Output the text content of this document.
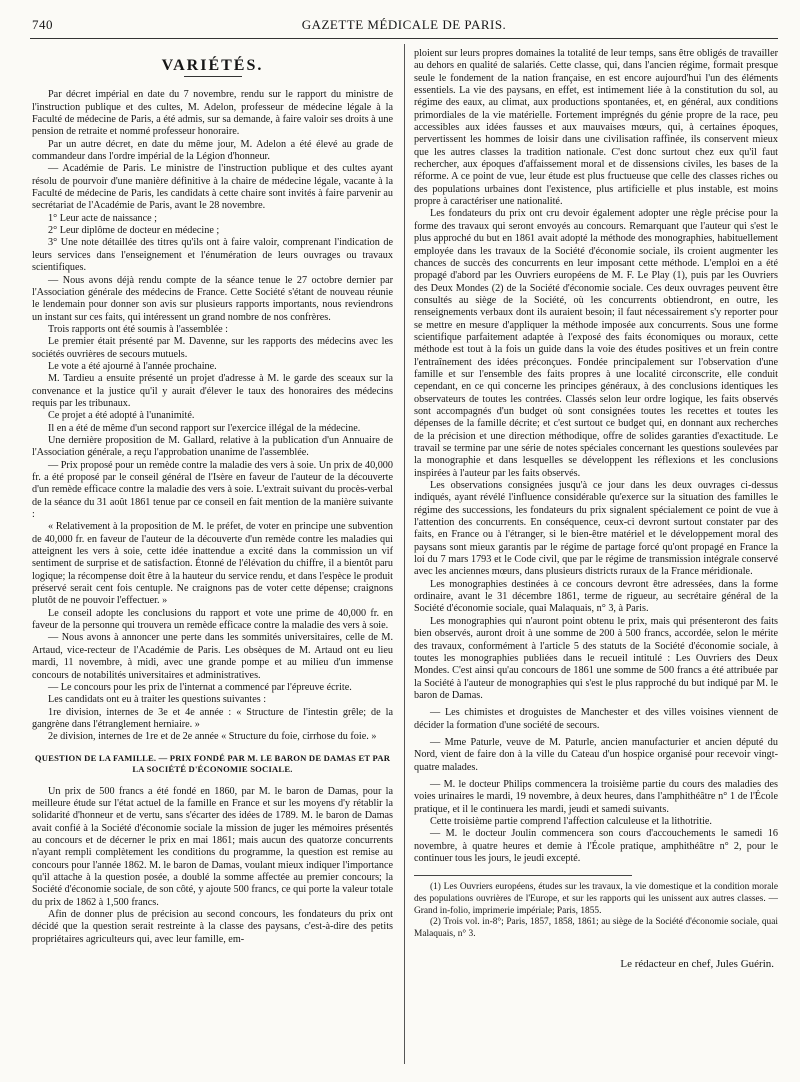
740	GAZETTE MÉDICALE DE PARIS.
VARIÉTÉS.

Par décret impérial en date du 7 novembre, rendu sur le rapport du ministre de l'instruction publique et des cultes, M. Adelon, professeur de médecine légale à la Faculté de médecine de Paris, a été admis, sur sa demande, à faire valoir ses droits à une pension de retraite et nommé professeur honoraire.

Par un autre décret, en date du même jour, M. Adelon a été élevé au grade de commandeur dans l'ordre impérial de la Légion d'honneur.

— Académie de Paris. Le ministre de l'instruction publique et des cultes ayant résolu de pourvoir d'une manière définitive à la chaire de médecine légale, vacante à la Faculté de médecine de Paris, les candidats à cette chaire sont invités à faire parvenir au secrétariat de l'Académie de Paris, avant le 28 novembre.

1° Leur acte de naissance ;

2° Leur diplôme de docteur en médecine ;

3° Une note détaillée des titres qu'ils ont à faire valoir, comprenant l'indication de leurs services dans l'enseignement et l'énumération de leurs ouvrages ou travaux scientifiques.

— Nous avons déjà rendu compte de la séance tenue le 27 octobre dernier par l'Association générale des médecins de France. Cette Société s'étant de nouveau réunie le lendemain pour donner son avis sur plusieurs rapports importants, nous reviendrons un instant sur ces faits, qui intéressent un grand nombre de nos confrères.

Trois rapports ont été soumis à l'assemblée :

Le premier était présenté par M. Davenne, sur les rapports des médecins avec les sociétés ouvrières de secours mutuels.

Le vote a été ajourné à l'année prochaine.

M. Tardieu a ensuite présenté un projet d'adresse à M. le garde des sceaux sur la convenance et la justice qu'il y aurait d'élever le taux des honoraires des médecins requis par les tribunaux.

Ce projet a été adopté à l'unanimité.

Il en a été de même d'un second rapport sur l'exercice illégal de la médecine.

Une dernière proposition de M. Gallard, relative à la publication d'un Annuaire de l'Association générale, a reçu l'approbation unanime de l'assemblée.

— Prix proposé pour un remède contre la maladie des vers à soie. Un prix de 40,000 fr. a été proposé par le conseil général de l'Isère en faveur de l'auteur de la découverte d'un remède efficace contre la maladie des vers à soie. L'extrait suivant du procès-verbal de la séance du 31 août 1861 tenue par ce conseil en fait mention de la manière suivante :

« Relativement à la proposition de M. le préfet, de voter en principe une subvention de 40,000 fr. en faveur de l'auteur de la découverte d'un remède contre les maladies qui atteignent les vers à soie, cette idée inattendue a excité dans la commission un vif sentiment de surprise et de satisfaction. Étonné de l'élévation du chiffre, il a bientôt paru logique; la récompense doit être à la hauteur du service rendu, et dans l'espèce le produit préservé serait cent fois centuple. Ne craignons pas de voter cette dépense; craignons plutôt de ne pouvoir l'effectuer. »

Le conseil adopte les conclusions du rapport et vote une prime de 40,000 fr. en faveur de la personne qui trouvera un remède efficace contre la maladie des vers à soie.

— Nous avons à annoncer une perte dans les sommités universitaires, celle de M. Artaud, vice-recteur de l'Académie de Paris. Les obsèques de M. Artaud ont eu lieu mardi, 11 novembre, à midi, avec une grande pompe et au milieu d'un immense concours de notabilités universitaires et administratives.

— Le concours pour les prix de l'internat a commencé par l'épreuve écrite.

Les candidats ont eu à traiter les questions suivantes :

1re division, internes de 3e et 4e année : « Structure de l'intestin grêle; de la gangrène dans l'étranglement herniaire. »

2e division, internes de 1re et de 2e année « Structure du foie, cirrhose du foie. »

QUESTION DE LA FAMILLE. — PRIX FONDÉ PAR M. LE BARON DE DAMAS ET PAR LA SOCIÉTÉ D'ÉCONOMIE SOCIALE.

Un prix de 500 francs a été fondé en 1860, par M. le baron de Damas, pour la meilleure étude sur l'état actuel de la famille en France et sur les moyens d'y rétablir la solidarité d'honneur et de vertu, sans s'écarter des idées de 1789. M. le baron de Damas avait confié à la Société d'économie sociale la mission de juger les mémoires présentés au concours et de décerner le prix en mai 1861; mais aucun des quatorze concurrents n'ayant rempli complètement les conditions du programme, la question est remise au concours pour l'année 1862. M. le baron de Damas, voulant mieux indiquer l'importance qu'il attache à la question posée, a doublé la somme affectée au premier concours; la Société d'économie sociale, de son côté, y ajoute 500 francs, ce qui porte la valeur totale du prix de 1862 à 1,500 francs.

Afin de donner plus de précision au second concours, les fondateurs du prix ont décidé que la question serait restreinte à la classe des paysans, c'est-à-dire des petits propriétaires agriculteurs qui, avec leur famille, em-

ploient sur leurs propres domaines la totalité de leur temps, sans être obligés de travailler au dehors en qualité de salariés. Cette classe, qui, dans l'ancien régime, formait presque seule le fondement de la nation française, en est encore aujourd'hui l'un des éléments essentiels. La vie des paysans, en effet, est intimement liée à la constitution du sol, au régime des eaux, au climat, aux productions spontanées, et, en général, aux conditions primordiales de la vie matérielle. Fortement imprégnés du génie propre de la race, peu accessibles aux idées fausses et aux mauvaises mœurs, qui, à certaines époques, pervertissent les hommes de loisir dans une civilisation raffinée, ils conservent mieux que les autres classes la tradition nationale. C'est donc surtout chez eux qu'il faut rechercher, aux époques d'affaissement moral et de dissensions civiles, les bases de la réforme. A ce point de vue, leur étude est plus fructueuse que celle des classes riches ou des populations urbaines dont l'existence, plus artificielle et plus instable, est moins propre à caractériser une nationalité.

Les fondateurs du prix ont cru devoir également adopter une règle précise pour la forme des travaux qui seront envoyés au concours. Remarquant que l'auteur qui s'est le plus approché du but en 1861 avait adopté la méthode des monographies, habituellement employée dans les travaux de la Société d'économie sociale, ils croient augmenter les chances de succès des concurrents en leur imposant cette méthode. L'emploi en a été propagé d'abord par les Ouvriers européens de M. F. Le Play (1), puis par les Ouvriers des Deux Mondes (2) de la Société d'économie sociale. Ces deux ouvrages peuvent être consultés au siège de la Société, où les concurrents obtiendront, en outre, les renseignements verbaux dont ils auraient besoin; il faut nécessairement s'y reporter pour se mettre en mesure d'appliquer la méthode imposée aux concurrents. Sous une forme scientifique parfaitement adaptée à l'exposé des faits économiques ou moraux, cette méthode est tout à la fois un guide dans la voie des études positives et un frein contre l'entraînement des idées préconçues. Fondée principalement sur l'observation d'une famille et sur l'ensemble des faits propres à une localité circonscrite, elle conduit cependant, en ce qui concerne les principes généraux, à des conclusions identiques les observateurs de toutes les contrées. Classés selon leur ordre logique, les faits observés sont accompagnés d'un budget où sont consignées toutes les recettes et toutes les dépenses de la famille décrite; et c'est surtout ce budget qui, en donnant aux recherches de la précision et une direction méthodique, offre de solides garanties d'exactitude. Le travail se termine par une série de notes spéciales concernant les questions soulevées par la monographie et dans lesquelles se développent les réflexions et les conclusions inspirées à l'auteur par les faits observés.

Les observations consignées jusqu'à ce jour dans les deux ouvrages ci-dessus indiqués, ayant révélé l'influence considérable qu'exerce sur la situation des familles le régime des successions, les fondateurs du prix signalent spécialement ce point de vue à l'attention des concurrents. En conséquence, ceux-ci devront surtout constater par des faits, en France ou à l'étranger, si le bien-être matériel et le développement moral des paysans sont mieux garantis par le régime de partage forcé qu'ont propagé en France la loi du 7 mars 1793 et le Code civil, que par le régime de transmission intégrale conservé avec les anciennes mœurs, dans plusieurs districts ruraux de la France méridionale.

Les monographies destinées à ce concours devront être adressées, dans la forme ordinaire, avant le 31 décembre 1861, terme de rigueur, au secrétaire général de la Société d'économie sociale, quai Malaquais, n° 3, à Paris.

Les monographies qui n'auront point obtenu le prix, mais qui présenteront des faits bien observés, auront droit à une somme de 200 à 500 francs, accordée, selon le mérite des travaux, conformément à l'article 5 des statuts de la Société d'économie sociale, à toutes les monographies publiées dans le recueil intitulé : Les Ouvriers des Deux Mondes. C'est ainsi qu'au concours de 1861 une somme de 500 francs a été attribuée par la Société à l'auteur de monographies qui s'est le plus rapproché du but indiqué par M. le baron de Damas.

— Les chimistes et droguistes de Manchester et des villes voisines viennent de décider la formation d'une société de secours.

— Mme Paturle, veuve de M. Paturle, ancien manufacturier et ancien député du Nord, vient de faire don à la ville du Cateau d'un hospice organisé pour recevoir vingt-quatre malades.

— M. le docteur Philips commencera la troisième partie du cours des maladies des voies urinaires le mardi, 19 novembre, à deux heures, dans l'amphithéâtre n° 1 de l'École pratique, et il le continuera les mardi, jeudi et samedi suivants.

Cette troisième partie comprend l'affection calculeuse et la lithotritie.

— M. le docteur Joulin commencera son cours d'accouchements le samedi 16 novembre, à quatre heures et demie à l'École pratique, amphithéâtre n° 2, pour le continuer tous les jours, le jeudi excepté.

(1) Les Ouvriers européens, études sur les travaux, la vie domestique et la condition morale des populations ouvrières de l'Europe, et sur les rapports qui les unissent aux autres classes. — Grand in-folio, imprimerie impériale; Paris, 1855.

(2) Trois vol. in-8°; Paris, 1857, 1858, 1861; au siège de la Société d'économie sociale, quai Malaquais, n° 3.

Le rédacteur en chef, Jules Guérin.
